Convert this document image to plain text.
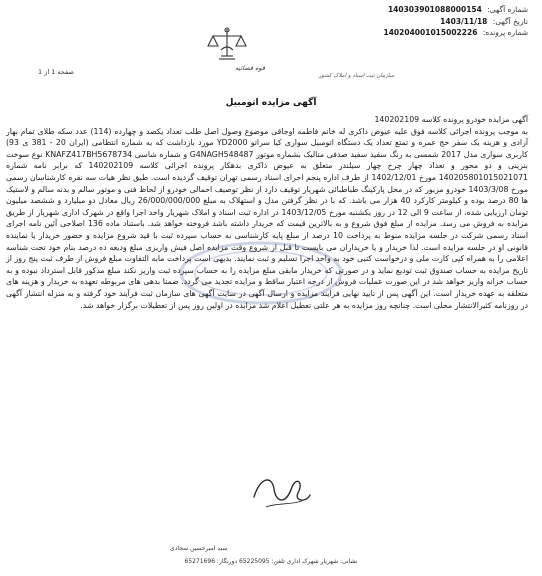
شماره آگهی: 140303901088000154
تاریخ آگهی: 1403/11/18
شماره پرونده: 140204001015002226
قوه قضائیه
سازمان ثبت اسناد و املاک کشور
صفحه 1 از 1
آگهی مزایده اتومبیل

آگهی مزایده خودرو پرونده کلاسه 140202109

به موجب پرونده اجرائی کلاسه فوق علیه عیوض ذاکری له خانم فاطمه اوجاقی موضوع وصول اصل طلب تعداد یکصد و چهارده (114) عدد سکه طلای تمام بهار آزادی و هزینه یک سفر حج عمره و تمتع تعداد یک دستگاه اتومبیل سواری کیا سراتو YD2000 مورد بازداشت که به شماره انتظامی (ایران 20 - 381 ی 93) کاربری سواری مدل 2017 شمسی به رنگ سفید سفید صدفی متالیک بشماره موتور G4NAGH548487 و شماره شاسی KNAFZ417BH5678734 نوع سوخت بنزینی و دو محور و تعداد چهار چرخ چهار سیلندر متعلق به عیوض ذاکری بدهکار پرونده اجرائی کلاسه 140202109 که برابر نامه شماره 140205801015021071 مورخ 1402/12/01 از طرف اداره پنجم اجرای اسناد رسمی تهران توقیف گردیده است. طبق نظر هیات سه نفره کارشناسان رسمی مورخ 1403/3/08 خودرو مزبور که در محل پارکینگ طباطبائی شهریار توقیف دارد از نظر توصیف احمالی خودرو از لحاظ فنی و موتور سالم و بدنه سالم و لاستیک ها 80 درصد بوده و کیلومتر کارکرد 40 هزار می باشد. که با در نظر گرفتن مدل و استهلاک به مبلغ 26/000/000/000 ریال معادل دو میلیارد و ششصد میلیون تومان ارزیابی شده، از ساعت 9 الی 12 در روز یکشنبه مورخ 1403/12/05 در اداره ثبت اسناد و املاک شهریار واحد اجرا واقع در شهرک اداری شهریار از طریق مزایده به فروش می رسد. مزایده از مبلغ فوق شروع و به بالاترین قیمت که خریدار داشته باشد فروخته خواهد شد. باستناد ماده 136 اصلاحی آئین نامه اجرای اسناد رسمی شرکت در جلسه مزایده منوط به پرداخت 10 درصد از مبلغ پایه کارشناسی به حساب سپرده ثبت با قید شروع مزایده و حضور خریدار یا نماینده قانونی او در جلسه مزایده است. لذا خریدار و یا خریداران می بایست تا قبل از شروع وقت مزایده اصل فیش واریزی مبلغ ودیعه ده درصد بنام خود تحت شناسه اعلامی را به همراه کپی کارت ملی و درخواست کتبی خود به واحد اجرا تسلیم و ثبت نمایند. بدیهی است پرداخت مابه التفاوت مبلغ فروش از طرف ثبت پنج روز از تاریخ مزایده به حساب صندوق ثبت تودیع نماید و در صورتی که خریدار مابقی مبلغ مزایده را به حساب سپرده ثبت واریز نکند مبلغ مذکور قابل استرداد نبوده و به حساب خزانه واریز خواهد شد در این صورت عملیات فروش از درجه اعتبار ساقط و مزایده تجدید می گردد. ضمنا بدهی های مربوطه تعهده به خریدار و هزینه های متعلقه به عهده خریدار است. این آگهی پس از تایید نهایی فرایند مزایده و ارسال آگهی در سایت آگهی های سازمان ثبت فرآیند خود گرفته و به منزله انتشار آگهی در روزنامه کثیرالانتشار محلی است. چنانچه روز مزایده به هر علتی تعطیل اعلام شد مزایده در اولین روز پس از تعطیلات برگزار خواهد شد.

سید امیرحسین سجادی
نشانی: شهریار شهرک اداری تلفن: 65225095 دورنگار: 65271696
